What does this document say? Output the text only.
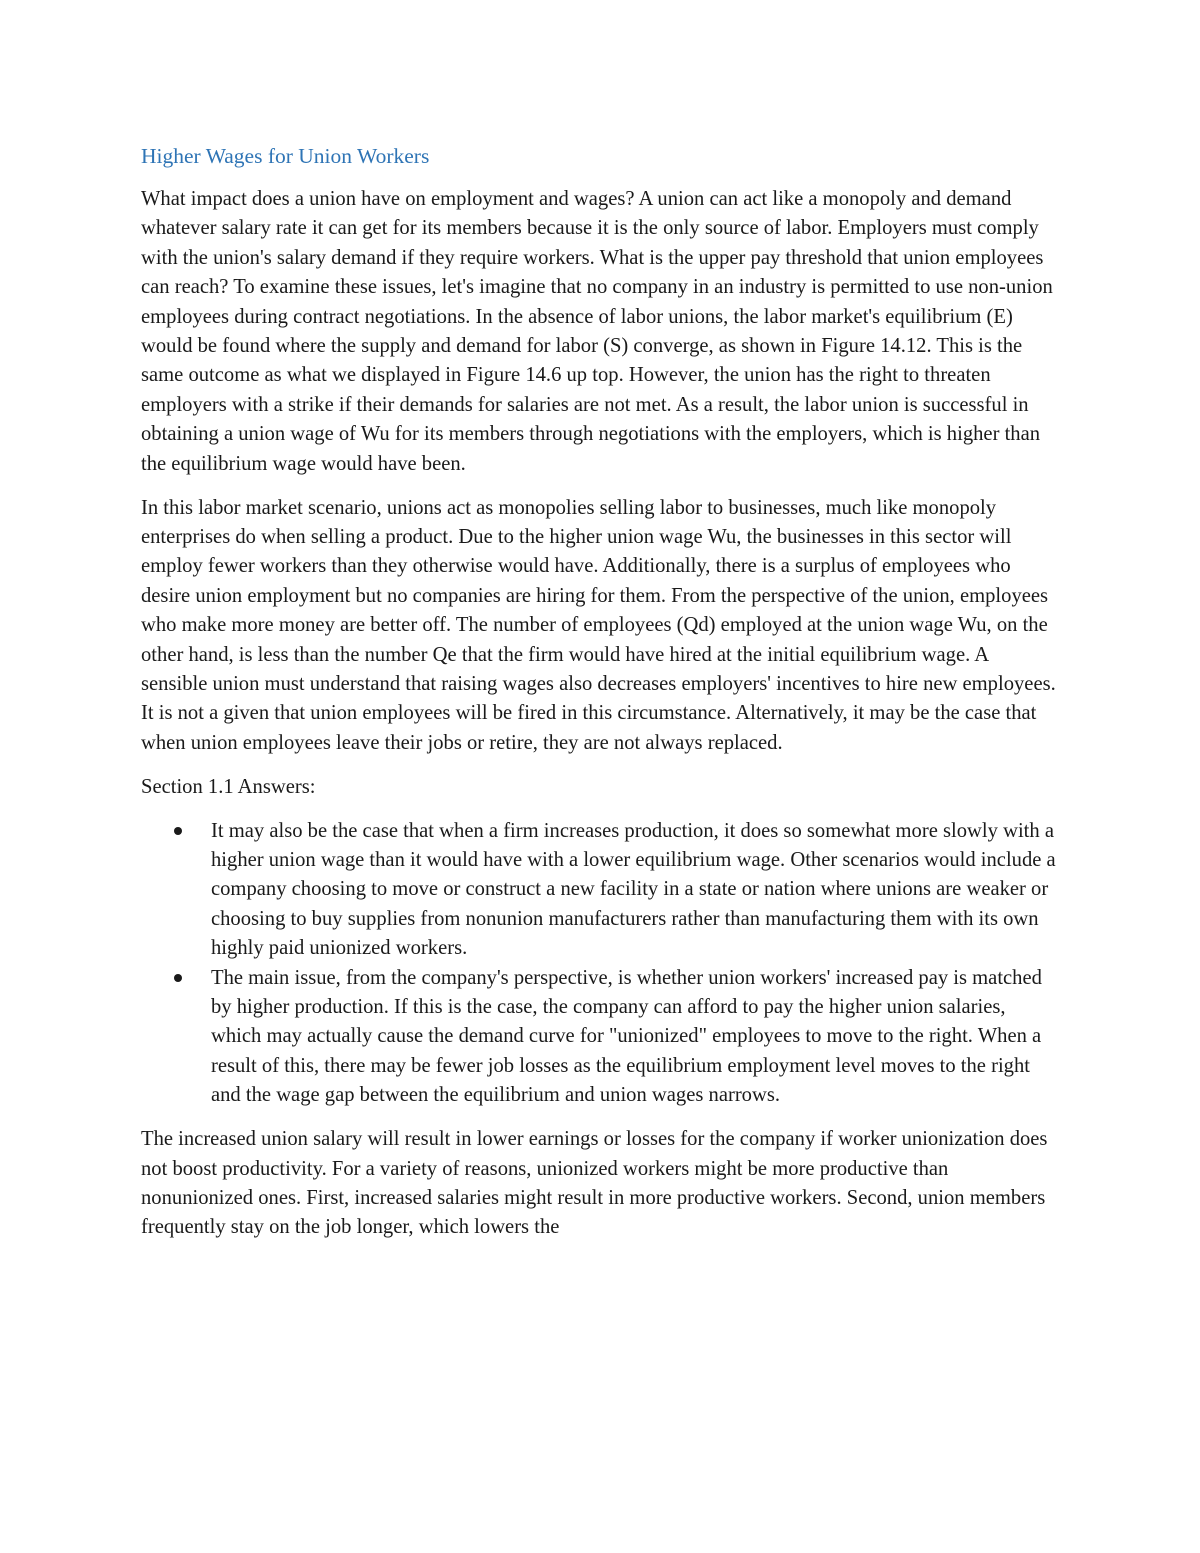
Higher Wages for Union Workers

What impact does a union have on employment and wages? A union can act like a monopoly and demand whatever salary rate it can get for its members because it is the only source of labor. Employers must comply with the union's salary demand if they require workers. What is the upper pay threshold that union employees can reach? To examine these issues, let's imagine that no company in an industry is permitted to use non-union employees during contract negotiations. In the absence of labor unions, the labor market's equilibrium (E) would be found where the supply and demand for labor (S) converge, as shown in Figure 14.12. This is the same outcome as what we displayed in Figure 14.6 up top. However, the union has the right to threaten employers with a strike if their demands for salaries are not met. As a result, the labor union is successful in obtaining a union wage of Wu for its members through negotiations with the employers, which is higher than the equilibrium wage would have been.

In this labor market scenario, unions act as monopolies selling labor to businesses, much like monopoly enterprises do when selling a product. Due to the higher union wage Wu, the businesses in this sector will employ fewer workers than they otherwise would have. Additionally, there is a surplus of employees who desire union employment but no companies are hiring for them. From the perspective of the union, employees who make more money are better off. The number of employees (Qd) employed at the union wage Wu, on the other hand, is less than the number Qe that the firm would have hired at the initial equilibrium wage. A sensible union must understand that raising wages also decreases employers' incentives to hire new employees. It is not a given that union employees will be fired in this circumstance. Alternatively, it may be the case that when union employees leave their jobs or retire, they are not always replaced.

Section 1.1 Answers:

It may also be the case that when a firm increases production, it does so somewhat more slowly with a higher union wage than it would have with a lower equilibrium wage. Other scenarios would include a company choosing to move or construct a new facility in a state or nation where unions are weaker or choosing to buy supplies from nonunion manufacturers rather than manufacturing them with its own highly paid unionized workers.
The main issue, from the company's perspective, is whether union workers' increased pay is matched by higher production. If this is the case, the company can afford to pay the higher union salaries, which may actually cause the demand curve for "unionized" employees to move to the right. When a result of this, there may be fewer job losses as the equilibrium employment level moves to the right and the wage gap between the equilibrium and union wages narrows.

The increased union salary will result in lower earnings or losses for the company if worker unionization does not boost productivity. For a variety of reasons, unionized workers might be more productive than nonunionized ones. First, increased salaries might result in more productive workers. Second, union members frequently stay on the job longer, which lowers the
